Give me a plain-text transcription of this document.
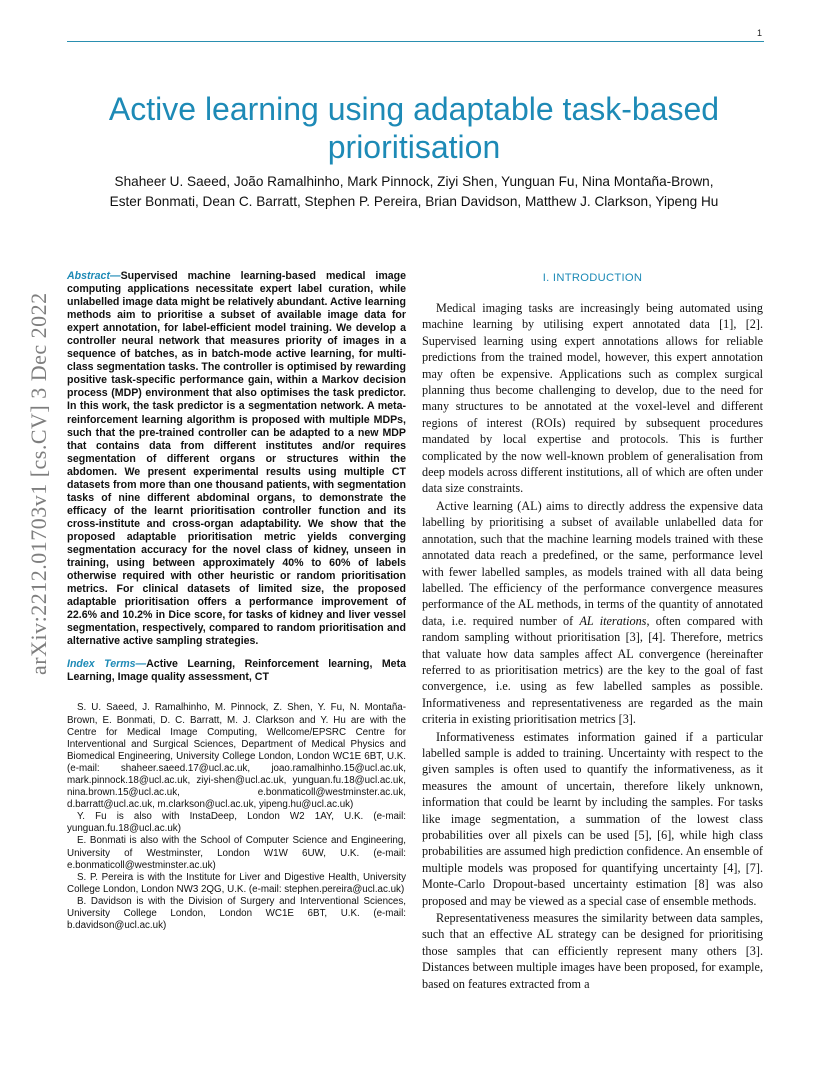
1
Active learning using adaptable task-based prioritisation
Shaheer U. Saeed, João Ramalhinho, Mark Pinnock, Ziyi Shen, Yunguan Fu, Nina Montaña-Brown,
Ester Bonmati, Dean C. Barratt, Stephen P. Pereira, Brian Davidson, Matthew J. Clarkson, Yipeng Hu
arXiv:2212.01703v1 [cs.CV] 3 Dec 2022

Abstract—Supervised machine learning-based medical image computing applications necessitate expert label curation, while unlabelled image data might be relatively abundant. Active learning methods aim to prioritise a subset of available image data for expert annotation, for label-efficient model training. We develop a controller neural network that measures priority of images in a sequence of batches, as in batch-mode active learning, for multi-class segmentation tasks. The controller is optimised by rewarding positive task-specific performance gain, within a Markov decision process (MDP) environment that also optimises the task predictor. In this work, the task predictor is a segmentation network. A meta-reinforcement learning algorithm is proposed with multiple MDPs, such that the pre-trained controller can be adapted to a new MDP that contains data from different institutes and/or requires segmentation of different organs or structures within the abdomen. We present experimental results using multiple CT datasets from more than one thousand patients, with segmentation tasks of nine different abdominal organs, to demonstrate the efficacy of the learnt prioritisation controller function and its cross-institute and cross-organ adaptability. We show that the proposed adaptable prioritisation metric yields converging segmentation accuracy for the novel class of kidney, unseen in training, using between approximately 40% to 60% of labels otherwise required with other heuristic or random prioritisation metrics. For clinical datasets of limited size, the proposed adaptable prioritisation offers a performance improvement of 22.6% and 10.2% in Dice score, for tasks of kidney and liver vessel segmentation, respectively, compared to random prioritisation and alternative active sampling strategies.

Index Terms—Active Learning, Reinforcement learning, Meta Learning, Image quality assessment, CT

S. U. Saeed, J. Ramalhinho, M. Pinnock, Z. Shen, Y. Fu, N. Montaña-Brown, E. Bonmati, D. C. Barratt, M. J. Clarkson and Y. Hu are with the Centre for Medical Image Computing, Wellcome/EPSRC Centre for Interventional and Surgical Sciences, Department of Medical Physics and Biomedical Engineering, University College London, London WC1E 6BT, U.K. (e-mail: shaheer.saeed.17@ucl.ac.uk, joao.ramalhinho.15@ucl.ac.uk, mark.pinnock.18@ucl.ac.uk, ziyi-shen@ucl.ac.uk, yunguan.fu.18@ucl.ac.uk, nina.brown.15@ucl.ac.uk, e.bonmaticoll@westminster.ac.uk, d.barratt@ucl.ac.uk, m.clarkson@ucl.ac.uk, yipeng.hu@ucl.ac.uk)

Y. Fu is also with InstaDeep, London W2 1AY, U.K. (e-mail: yunguan.fu.18@ucl.ac.uk)

E. Bonmati is also with the School of Computer Science and Engineering, University of Westminster, London W1W 6UW, U.K. (e-mail: e.bonmaticoll@westminster.ac.uk)

S. P. Pereira is with the Institute for Liver and Digestive Health, University College London, London NW3 2QG, U.K. (e-mail: stephen.pereira@ucl.ac.uk)

B. Davidson is with the Division of Surgery and Interventional Sciences, University College London, London WC1E 6BT, U.K. (e-mail: b.davidson@ucl.ac.uk)

I. INTRODUCTION

Medical imaging tasks are increasingly being automated using machine learning by utilising expert annotated data [1], [2]. Supervised learning using expert annotations allows for reliable predictions from the trained model, however, this expert annotation may often be expensive. Applications such as complex surgical planning thus become challenging to develop, due to the need for many structures to be annotated at the voxel-level and different regions of interest (ROIs) required by subsequent procedures mandated by local expertise and protocols. This is further complicated by the now well-known problem of generalisation from deep models across different institutions, all of which are often under data size constraints.

Active learning (AL) aims to directly address the expensive data labelling by prioritising a subset of available unlabelled data for annotation, such that the machine learning models trained with these annotated data reach a predefined, or the same, performance level with fewer labelled samples, as models trained with all data being labelled. The efficiency of the performance convergence measures performance of the AL methods, in terms of the quantity of annotated data, i.e. required number of AL iterations, often compared with random sampling without prioritisation [3], [4]. Therefore, metrics that valuate how data samples affect AL convergence (hereinafter referred to as prioritisation metrics) are the key to the goal of fast convergence, i.e. using as few labelled samples as possible. Informativeness and representativeness are regarded as the main criteria in existing prioritisation metrics [3].

Informativeness estimates information gained if a particular labelled sample is added to training. Uncertainty with respect to the given samples is often used to quantify the informativeness, as it measures the amount of uncertain, therefore likely unknown, information that could be learnt by including the samples. For tasks like image segmentation, a summation of the lowest class probabilities over all pixels can be used [5], [6], while high class probabilities are assumed high prediction confidence. An ensemble of multiple models was proposed for quantifying uncertainty [4], [7]. Monte-Carlo Dropout-based uncertainty estimation [8] was also proposed and may be viewed as a special case of ensemble methods.

Representativeness measures the similarity between data samples, such that an effective AL strategy can be designed for prioritising those samples that can efficiently represent many others [3]. Distances between multiple images have been proposed, for example, based on features extracted from a
